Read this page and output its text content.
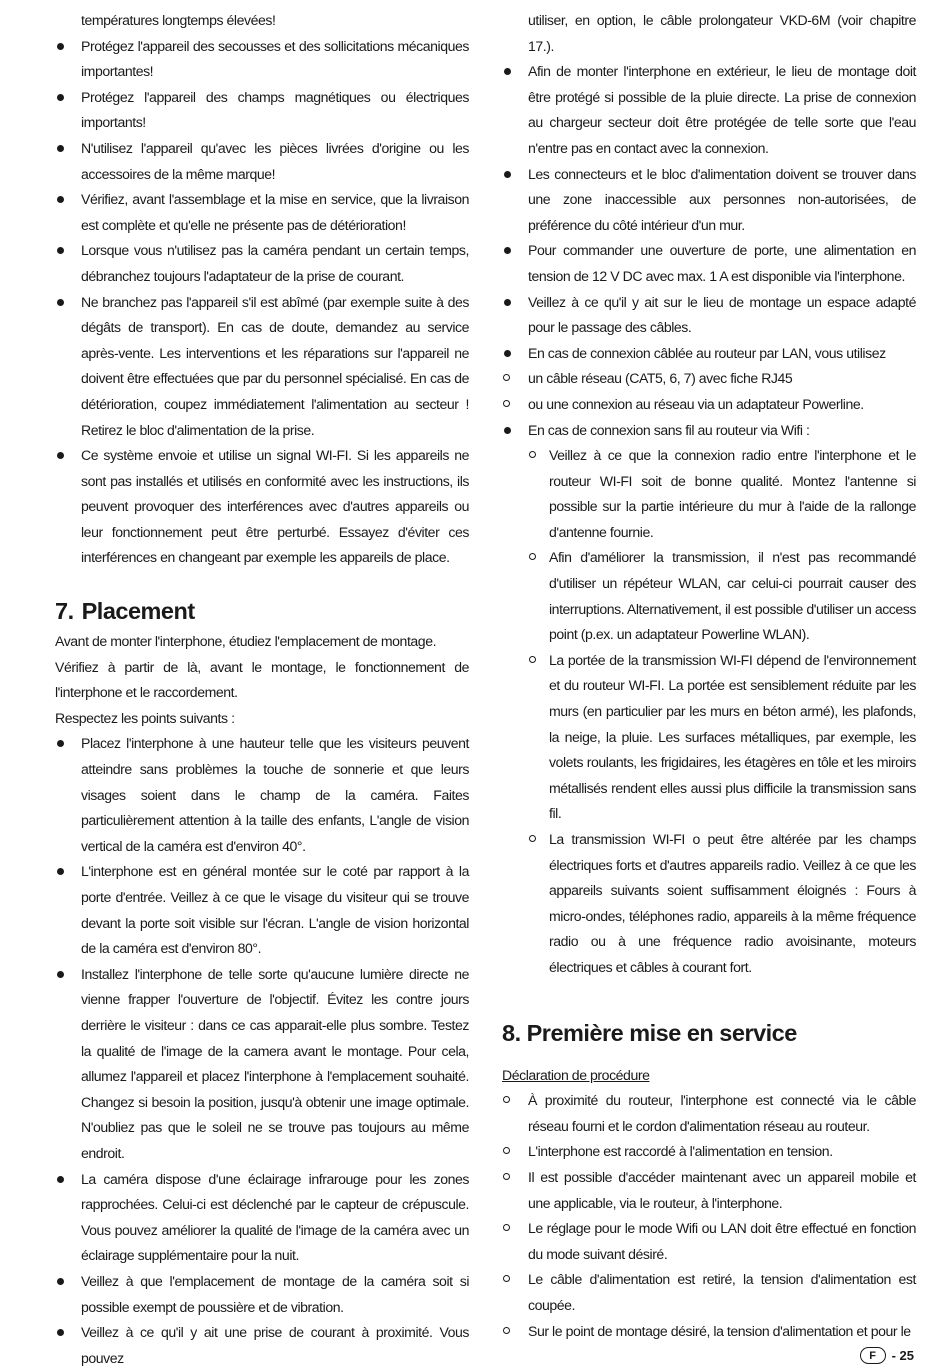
températures longtemps élevées!

Protégez l'appareil des secousses et des sollicitations mécaniques importantes!
Protégez l'appareil des champs magnétiques ou électriques importants!
N'utilisez l'appareil qu'avec les pièces livrées d'origine ou les accessoires de la même marque!
Vérifiez, avant l'assemblage et la mise en service, que la livraison est complète et qu'elle ne présente pas de détérioration!
Lorsque vous n'utilisez pas la caméra pendant un certain temps, débranchez toujours l'adaptateur de la prise de courant.
Ne branchez pas l'appareil s'il est abîmé (par exemple suite à des dégâts de transport). En cas de doute, demandez au service après-vente. Les interventions et les réparations sur l'appareil ne doivent être effectuées que par du personnel spécialisé. En cas de détérioration, coupez immédiatement l'alimentation au secteur ! Retirez le bloc d'alimentation de la prise.
Ce système envoie et utilise un signal WI-FI. Si les appareils ne sont pas installés et utilisés en conformité avec les instructions, ils peuvent provoquer des interférences avec d'autres appareils ou leur fonctionnement peut être perturbé. Essayez d'éviter ces interférences en changeant par exemple les appareils de place.
7. Placement

Avant de monter l'interphone, étudiez l'emplacement de montage.

Vérifiez à partir de là, avant le montage, le fonctionnement de l'interphone et le raccordement.

Respectez les points suivants :

Placez l'interphone à une hauteur telle que les visiteurs peuvent atteindre sans problèmes la touche de sonnerie et que leurs visages soient dans le champ de la caméra. Faites particulièrement attention à la taille des enfants, L'angle de vision vertical de la caméra est d'environ 40°.
L'interphone est en général montée sur le coté par rapport à la porte d'entrée. Veillez à ce que le visage du visiteur qui se trouve devant la porte soit visible sur l'écran. L'angle de vision horizontal de la caméra est d'environ 80°.
Installez l'interphone de telle sorte qu'aucune lumière directe ne vienne frapper l'ouverture de l'objectif. Évitez les contre jours derrière le visiteur : dans ce cas apparait-elle plus sombre. Testez la qualité de l'image de la camera avant le montage. Pour cela, allumez l'appareil et placez l'interphone à l'emplacement souhaité. Changez si besoin la position, jusqu'à obtenir une image optimale. N'oubliez pas que le soleil ne se trouve pas toujours au même endroit.
La caméra dispose d'une éclairage infrarouge pour les zones rapprochées. Celui-ci est déclenché par le capteur de crépuscule. Vous pouvez améliorer la qualité de l'image de la caméra avec un éclairage supplémentaire pour la nuit.
Veillez à que l'emplacement de montage de la caméra soit si possible exempt de poussière et de vibration.
Veillez à ce qu'il y ait une prise de courant à proximité. Vous pouvez

utiliser, en option, le câble prolongateur VKD-6M (voir chapitre 17.).

Afin de monter l'interphone en extérieur, le lieu de montage doit être protégé si possible de la pluie directe. La prise de connexion au chargeur secteur doit être protégée de telle sorte que l'eau n'entre pas en contact avec la connexion.
Les connecteurs et le bloc d'alimentation doivent se trouver dans une zone inaccessible aux personnes non-autorisées, de préférence du côté intérieur d'un mur.
Pour commander une ouverture de porte, une alimentation en tension de 12 V DC avec max. 1 A est disponible via l'interphone.
Veillez à ce qu'il y ait sur le lieu de montage un espace adapté pour le passage des câbles.
En cas de connexion câblée au routeur par LAN, vous utilisez
un câble réseau (CAT5, 6, 7) avec fiche RJ45
ou une connexion au réseau via un adaptateur Powerline.
En cas de connexion sans fil au routeur via Wifi :
Veillez à ce que la connexion radio entre l'interphone et le routeur WI-FI soit de bonne qualité. Montez l'antenne si possible sur la partie intérieure du mur à l'aide de la rallonge d'antenne fournie.
Afin d'améliorer la transmission, il n'est pas recommandé d'utiliser un répéteur WLAN, car celui-ci pourrait causer des interruptions. Alternativement, il est possible d'utiliser un access point (p.ex. un adaptateur Powerline WLAN).
La portée de la transmission WI-FI dépend de l'environnement et du routeur WI-FI. La portée est sensiblement réduite par les murs (en particulier par les murs en béton armé), les plafonds, la neige, la pluie. Les surfaces métalliques, par exemple, les volets roulants, les frigidaires, les étagères en tôle et les miroirs métallisés rendent elles aussi plus difficile la transmission sans fil.
La transmission WI-FI o peut être altérée par les champs électriques forts et d'autres appareils radio. Veillez à ce que les appareils suivants soient suffisamment éloignés : Fours à micro-ondes, téléphones radio, appareils à la même fréquence radio ou à une fréquence radio avoisinante, moteurs électriques et câbles à courant fort.
8. Première mise en service

Déclaration de procédure

À proximité du routeur, l'interphone est connecté via le câble réseau fourni et le cordon d'alimentation réseau au routeur.
L'interphone est raccordé à l'alimentation en tension.
Il est possible d'accéder maintenant avec un appareil mobile et une applicable, via le routeur, à l'interphone.
Le réglage pour le mode Wifi ou LAN doit être effectué en fonction du mode suivant désiré.
Le câble d'alimentation est retiré, la tension d'alimentation est coupée.
Sur le point de montage désiré, la tension d'alimentation et pour le
F	- 25
